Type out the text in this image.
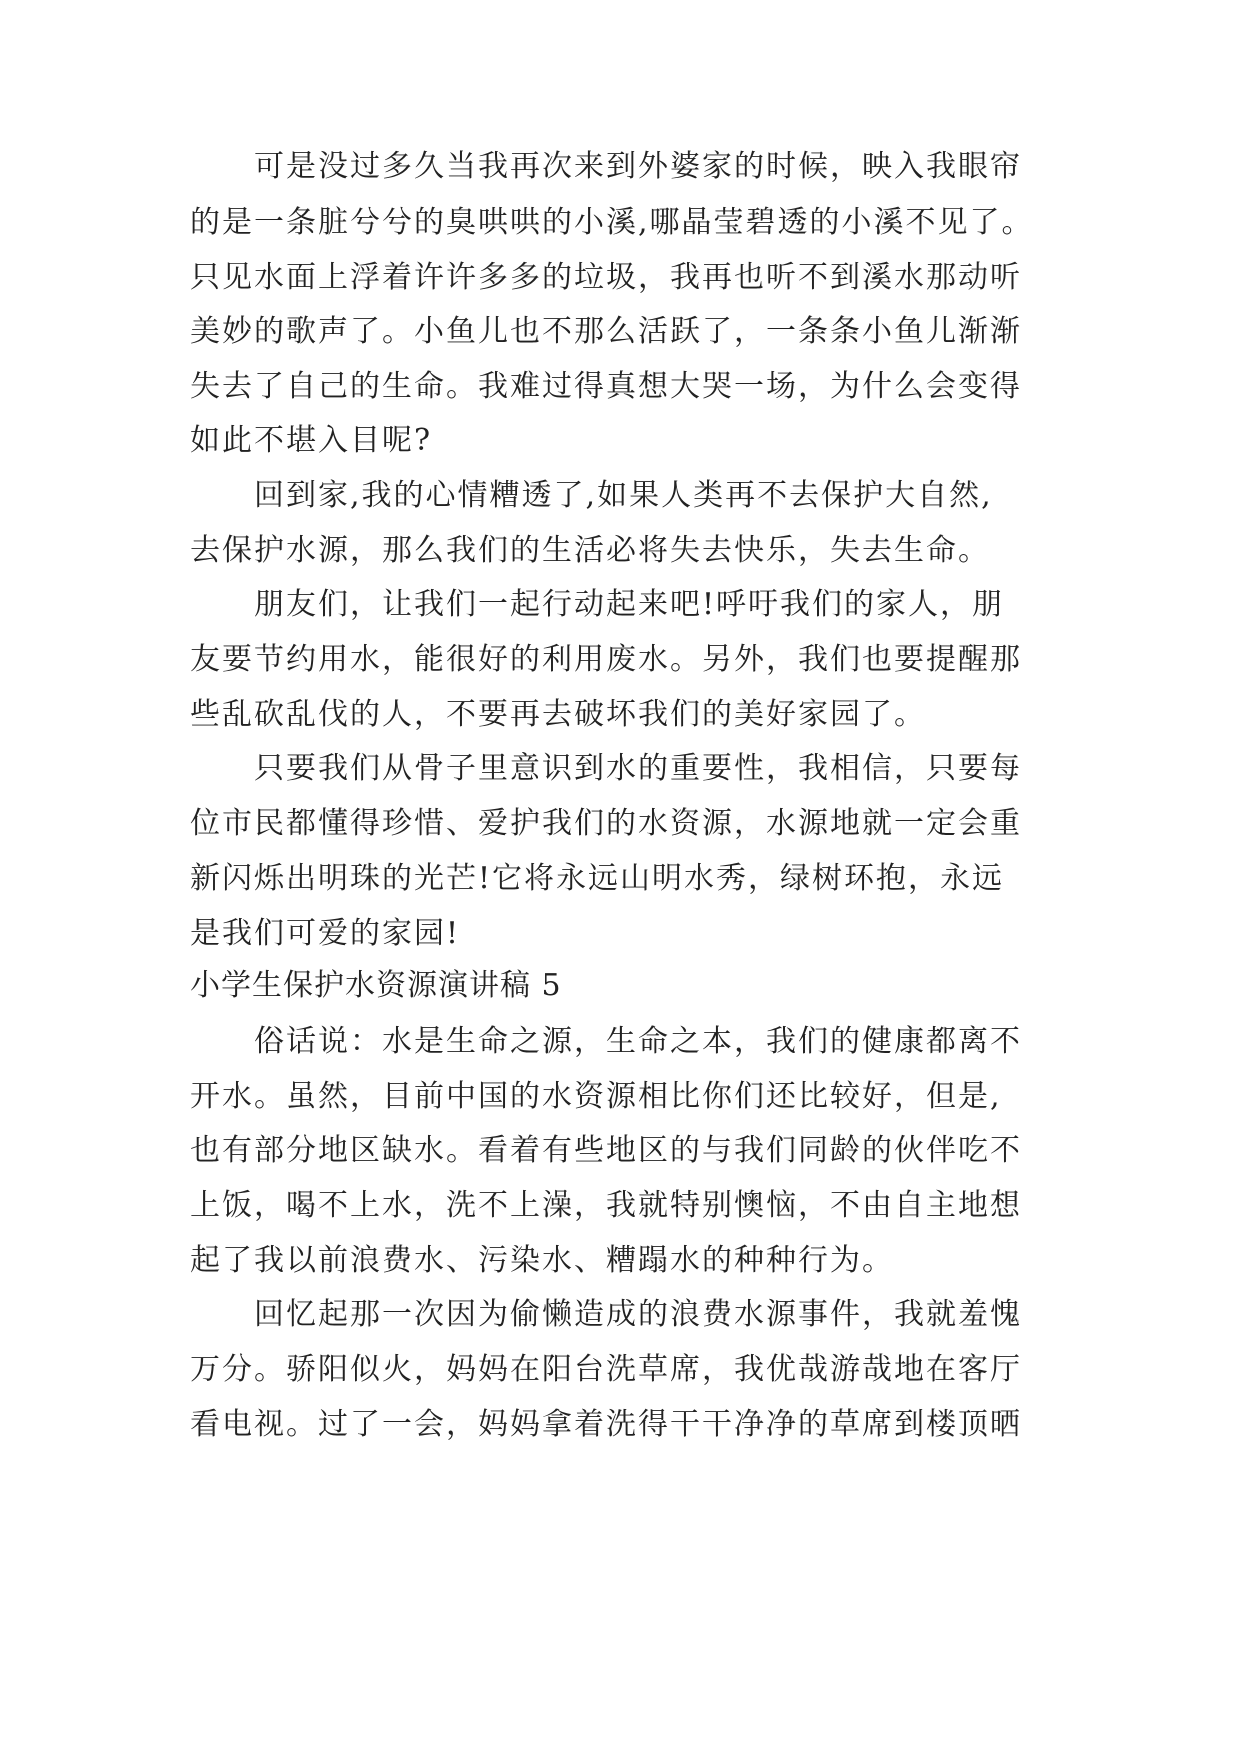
可是没过多久当我再次来到外婆家的时候，映入我眼帘
的是一条脏兮兮的臭哄哄的小溪,哪晶莹碧透的小溪不见了。
只见水面上浮着许许多多的垃圾，我再也听不到溪水那动听
美妙的歌声了。小鱼儿也不那么活跃了，一条条小鱼儿渐渐
失去了自己的生命。我难过得真想大哭一场，为什么会变得
如此不堪入目呢?
回到家,我的心情糟透了,如果人类再不去保护大自然,
去保护水源，那么我们的生活必将失去快乐，失去生命。
朋友们，让我们一起行动起来吧!呼吁我们的家人，朋
友要节约用水，能很好的利用废水。另外，我们也要提醒那
些乱砍乱伐的人，不要再去破坏我们的美好家园了。
只要我们从骨子里意识到水的重要性，我相信，只要每
位市民都懂得珍惜、爱护我们的水资源，水源地就一定会重
新闪烁出明珠的光芒!它将永远山明水秀，绿树环抱，永远
是我们可爱的家园!
小学生保护水资源演讲稿 5
俗话说：水是生命之源，生命之本，我们的健康都离不
开水。虽然，目前中国的水资源相比你们还比较好，但是,
也有部分地区缺水。看着有些地区的与我们同龄的伙伴吃不
上饭，喝不上水，洗不上澡，我就特别懊恼，不由自主地想
起了我以前浪费水、污染水、糟蹋水的种种行为。
回忆起那一次因为偷懒造成的浪费水源事件，我就羞愧
万分。骄阳似火，妈妈在阳台洗草席，我优哉游哉地在客厅
看电视。过了一会，妈妈拿着洗得干干净净的草席到楼顶晒
